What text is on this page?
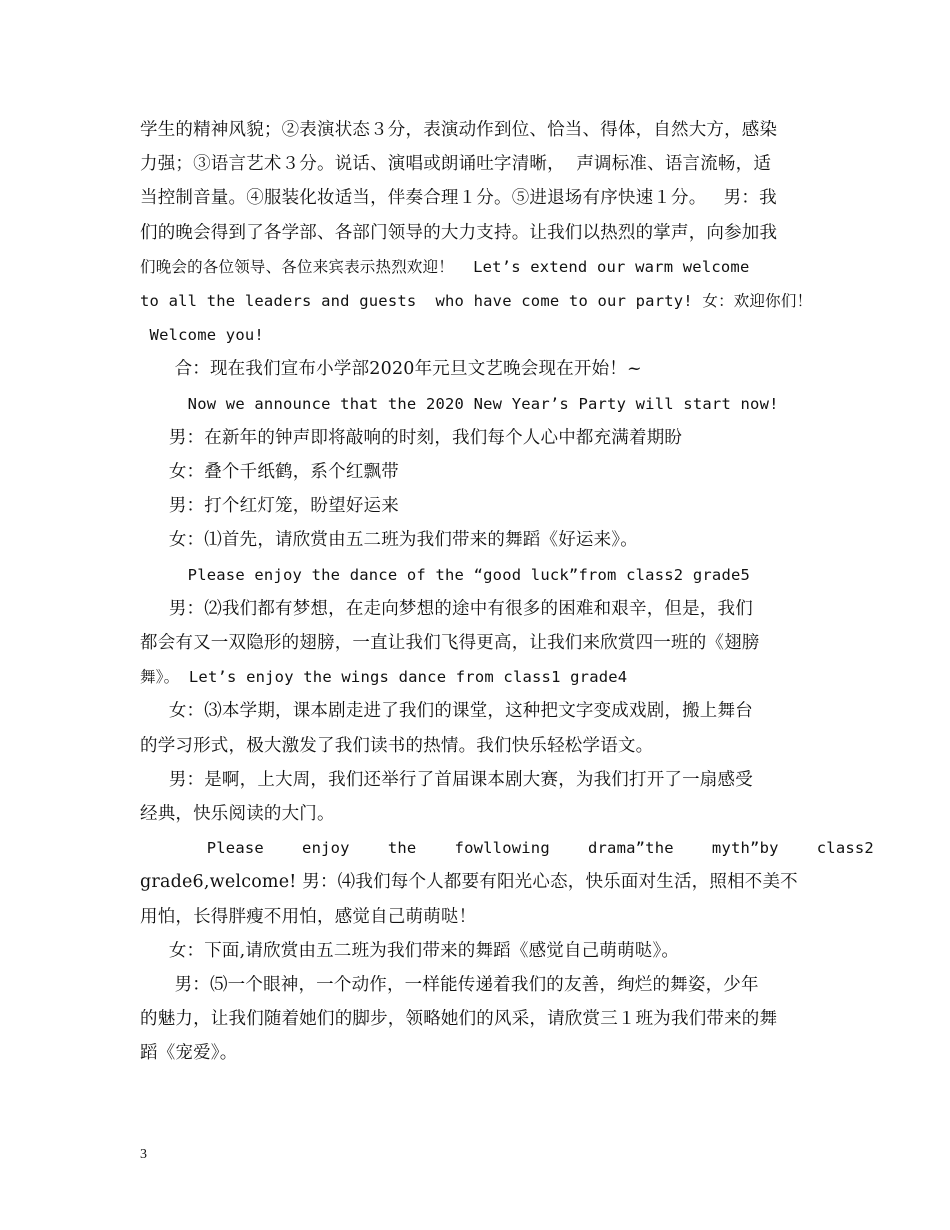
学生的精神风貌；②表演状态３分，表演动作到位、恰当、得体，自然大方，感染
力强；③语言艺术３分。说话、演唱或朗诵吐字清晰，  声调标准、语言流畅，适
当控制音量。④服装化妆适当，伴奏合理１分。⑤进退场有序快速１分。   男：我
们的晚会得到了各学部、各部门领导的大力支持。让我们以热烈的掌声，向参加我
们晚会的各位领导、各位来宾表示热烈欢迎！  Let’s extend our warm welcome
to all the leaders and guests  who have come to our party! 女：欢迎你们！
Welcome you!
合：现在我们宣布小学部2020年元旦文艺晚会现在开始！~
Now we announce that the 2020 New Year’s Party will start now!
男：在新年的钟声即将敲响的时刻，我们每个人心中都充满着期盼
女：叠个千纸鹤，系个红飘带
男：打个红灯笼，盼望好运来
女：⑴首先，请欣赏由五二班为我们带来的舞蹈《好运来》。
Please enjoy the dance of the “good luck”from class2 grade5
男：⑵我们都有梦想，在走向梦想的途中有很多的困难和艰辛，但是，我们
都会有又一双隐形的翅膀，一直让我们飞得更高，让我们来欣赏四一班的《翅膀
舞》。 Let’s enjoy the wings dance from class1 grade4
女：⑶本学期，课本剧走进了我们的课堂，这种把文字变成戏剧，搬上舞台
的学习形式，极大激发了我们读书的热情。我们快乐轻松学语文。
男：是啊，上大周，我们还举行了首届课本剧大赛，为我们打开了一扇感受
经典，快乐阅读的大门。
Please    enjoy    the    fowllowing    drama”the    myth”by    class2
grade6,welcome! 男：⑷我们每个人都要有阳光心态，快乐面对生活，照相不美不
用怕，长得胖瘦不用怕，感觉自己萌萌哒！
女：下面,请欣赏由五二班为我们带来的舞蹈《感觉自己萌萌哒》。
男：⑸一个眼神，一个动作，一样能传递着我们的友善，绚烂的舞姿，少年
的魅力，让我们随着她们的脚步，领略她们的风采，请欣赏三１班为我们带来的舞
蹈《宠爱》。
3
